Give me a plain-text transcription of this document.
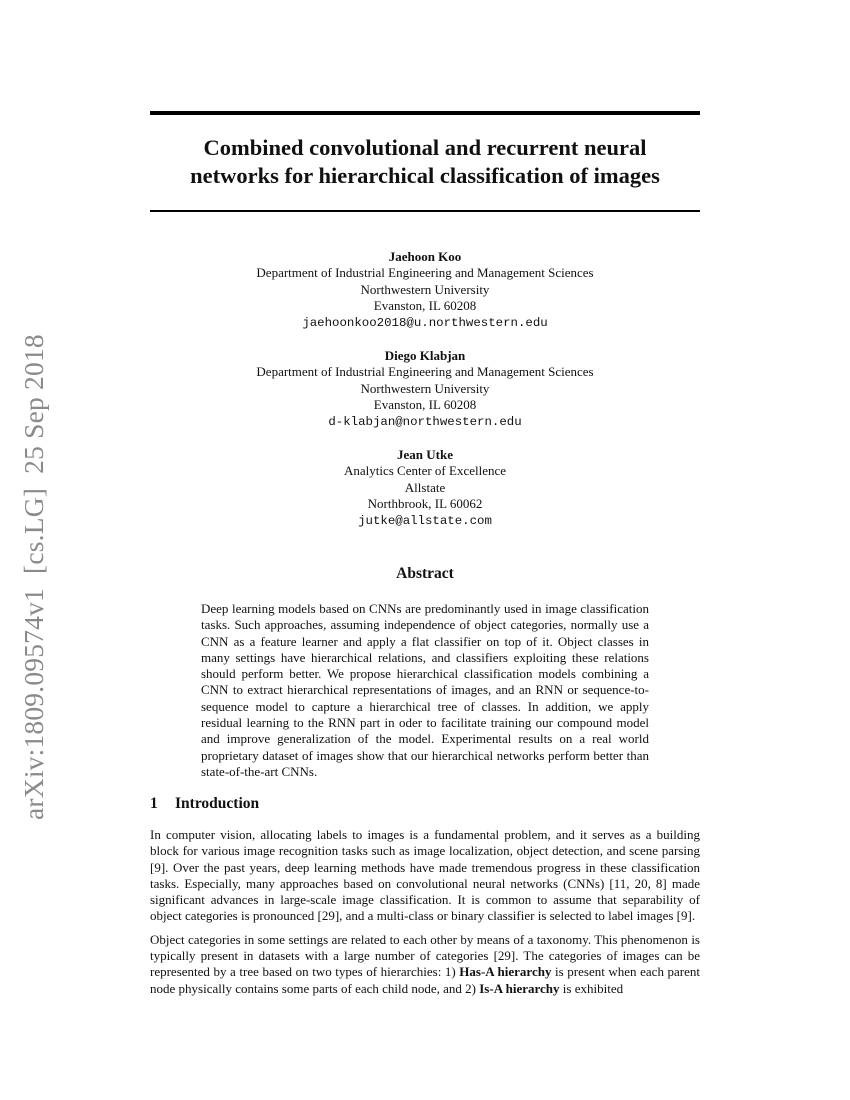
arXiv:1809.09574v1[cs.LG]25 Sep 2018
Combined convolutional and recurrent neural
networks for hierarchical classification of images
Jaehoon Koo
Department of Industrial Engineering and Management Sciences
Northwestern University
Evanston, IL 60208
jaehoonkoo2018@u.northwestern.edu
Diego Klabjan
Department of Industrial Engineering and Management Sciences
Northwestern University
Evanston, IL 60208
d-klabjan@northwestern.edu
Jean Utke
Analytics Center of Excellence
Allstate
Northbrook, IL 60062
jutke@allstate.com
Abstract
Deep learning models based on CNNs are predominantly used in image classification tasks. Such approaches, assuming independence of object categories, normally use a CNN as a feature learner and apply a flat classifier on top of it. Object classes in many settings have hierarchical relations, and classifiers exploiting these relations should perform better. We propose hierarchical classification models combining a CNN to extract hierarchical representations of images, and an RNN or sequence-to-sequence model to capture a hierarchical tree of classes. In addition, we apply residual learning to the RNN part in oder to facilitate training our compound model and improve generalization of the model. Experimental results on a real world proprietary dataset of images show that our hierarchical networks perform better than state-of-the-art CNNs.
1 Introduction

In computer vision, allocating labels to images is a fundamental problem, and it serves as a building block for various image recognition tasks such as image localization, object detection, and scene parsing [9]. Over the past years, deep learning methods have made tremendous progress in these classification tasks. Especially, many approaches based on convolutional neural networks (CNNs) [11, 20, 8] made significant advances in large-scale image classification. It is common to assume that separability of object categories is pronounced [29], and a multi-class or binary classifier is selected to label images [9].

Object categories in some settings are related to each other by means of a taxonomy. This phenomenon is typically present in datasets with a large number of categories [29]. The categories of images can be represented by a tree based on two types of hierarchies: 1) Has-A hierarchy is present when each parent node physically contains some parts of each child node, and 2) Is-A hierarchy is exhibited
